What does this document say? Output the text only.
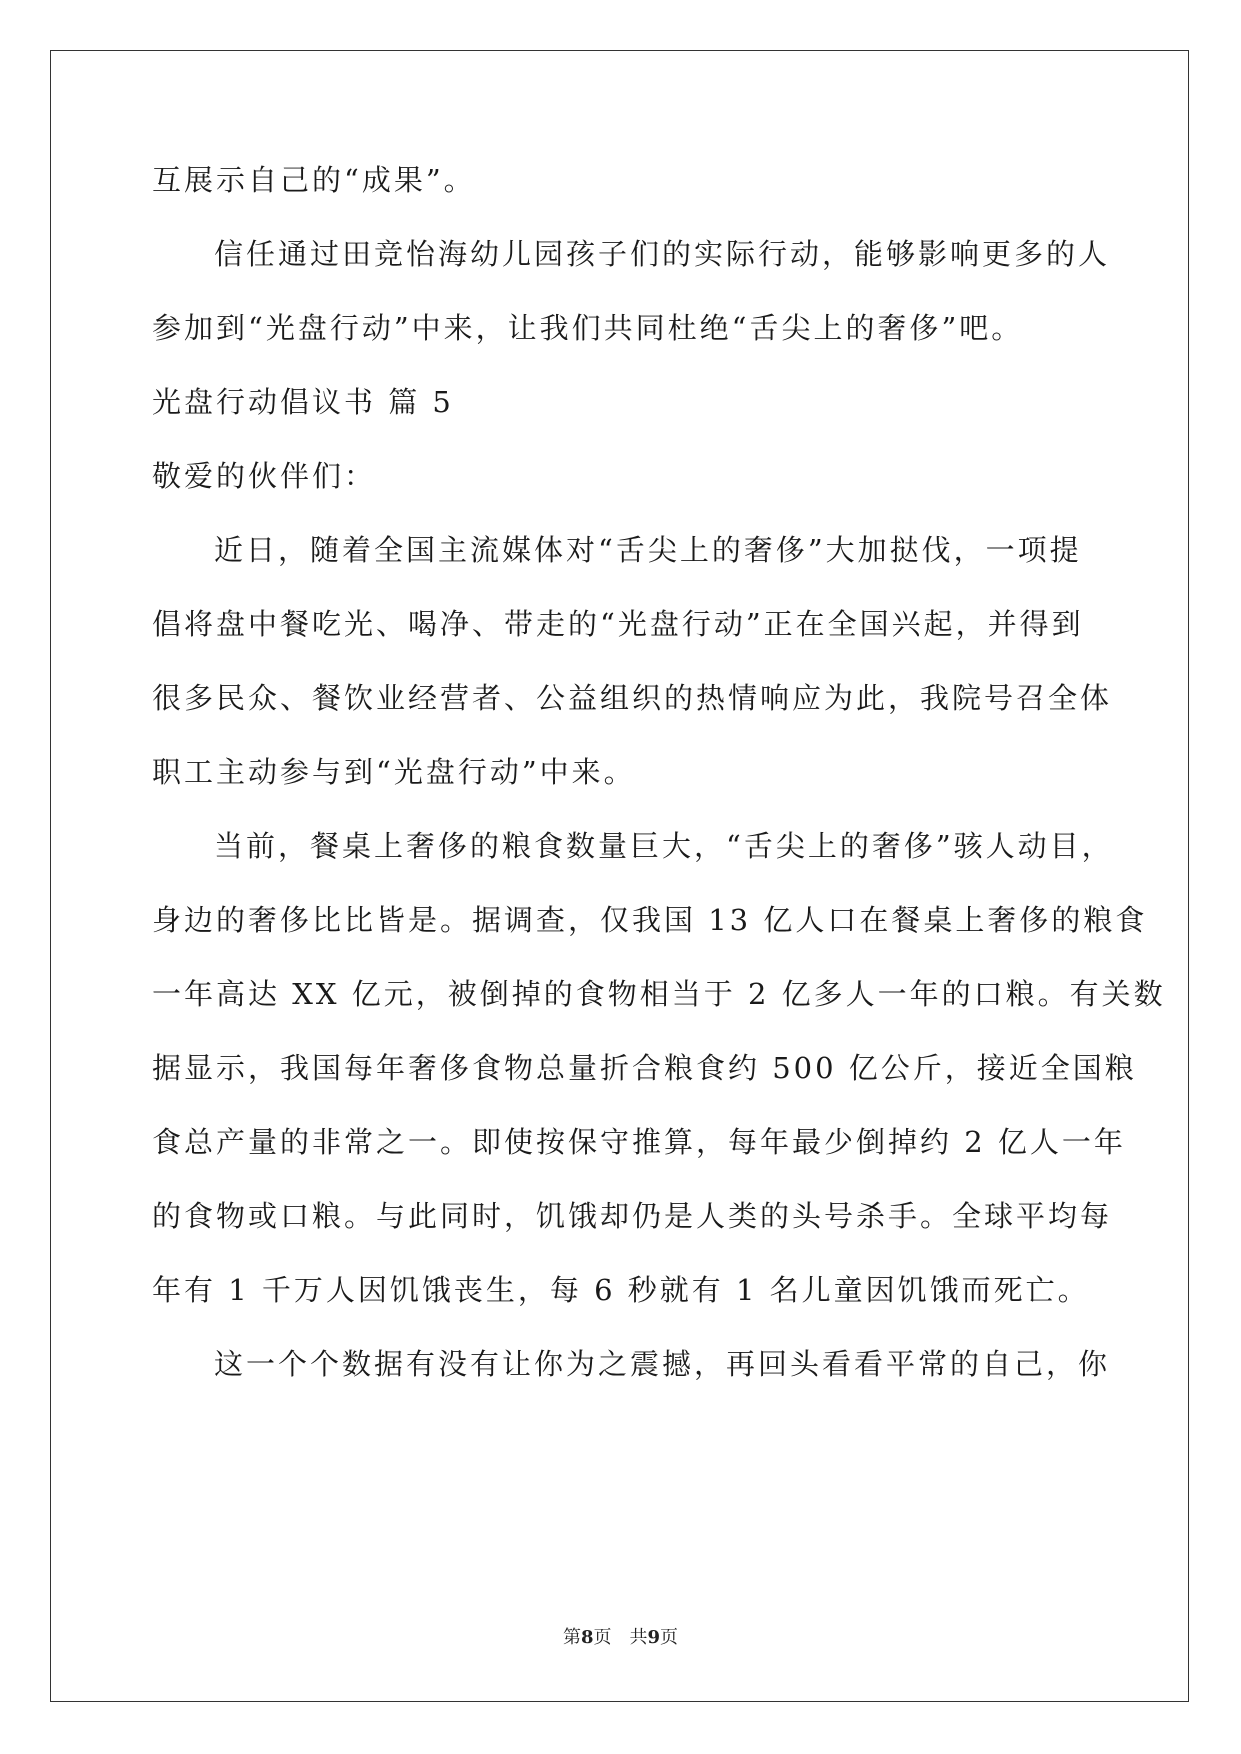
互展示自己的“成果”。
信任通过田竞怡海幼儿园孩子们的实际行动，能够影响更多的人
参加到“光盘行动”中来，让我们共同杜绝“舌尖上的奢侈”吧。
光盘行动倡议书 篇 5
敬爱的伙伴们：
近日，随着全国主流媒体对“舌尖上的奢侈”大加挞伐，一项提
倡将盘中餐吃光、喝净、带走的“光盘行动”正在全国兴起，并得到
很多民众、餐饮业经营者、公益组织的热情响应为此，我院号召全体
职工主动参与到“光盘行动”中来。
当前，餐桌上奢侈的粮食数量巨大，“舌尖上的奢侈”骇人动目，
身边的奢侈比比皆是。据调查，仅我国 13 亿人口在餐桌上奢侈的粮食
一年高达 XX 亿元，被倒掉的食物相当于 2 亿多人一年的口粮。有关数
据显示，我国每年奢侈食物总量折合粮食约 500 亿公斤，接近全国粮
食总产量的非常之一。即使按保守推算，每年最少倒掉约 2 亿人一年
的食物或口粮。与此同时，饥饿却仍是人类的头号杀手。全球平均每
年有 1 千万人因饥饿丧生，每 6 秒就有 1 名儿童因饥饿而死亡。
这一个个数据有没有让你为之震撼，再回头看看平常的自己，你
第8页　共9页
